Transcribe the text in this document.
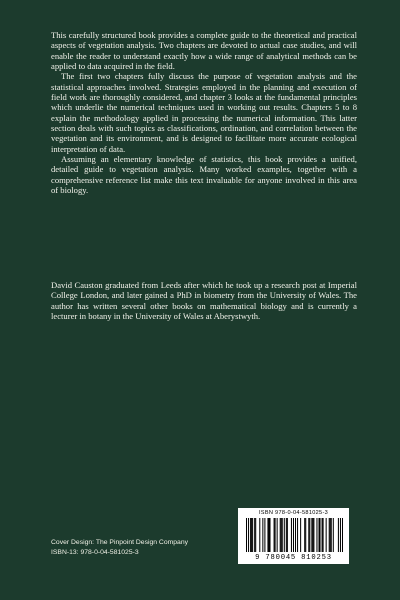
This carefully structured book provides a complete guide to the theoretical and practical aspects of vegetation analysis. Two chapters are devoted to actual case studies, and will enable the reader to understand exactly how a wide range of analytical methods can be applied to data acquired in the field.

The first two chapters fully discuss the purpose of vegetation analysis and the statistical approaches involved. Strategies employed in the planning and execution of field work are thoroughly considered, and chapter 3 looks at the fundamental principles which underlie the numerical techniques used in working out results. Chapters 5 to 8 explain the methodology applied in processing the numerical information. This latter section deals with such topics as classifications, ordination, and correlation between the vegetation and its environment, and is designed to facilitate more accurate ecological interpretation of data.

Assuming an elementary knowledge of statistics, this book provides a unified, detailed guide to vegetation analysis. Many worked examples, together with a comprehensive reference list make this text invaluable for anyone involved in this area of biology.

David Causton graduated from Leeds after which he took up a research post at Imperial College London, and later gained a PhD in biometry from the University of Wales. The author has written several other books on mathematical biology and is currently a lecturer in botany in the University of Wales at Aberystwyth.

Cover Design: The Pinpoint Design Company
ISBN-13: 978-0-04-581025-3
ISBN 978-0-04-581025-3
9 780045 810253
